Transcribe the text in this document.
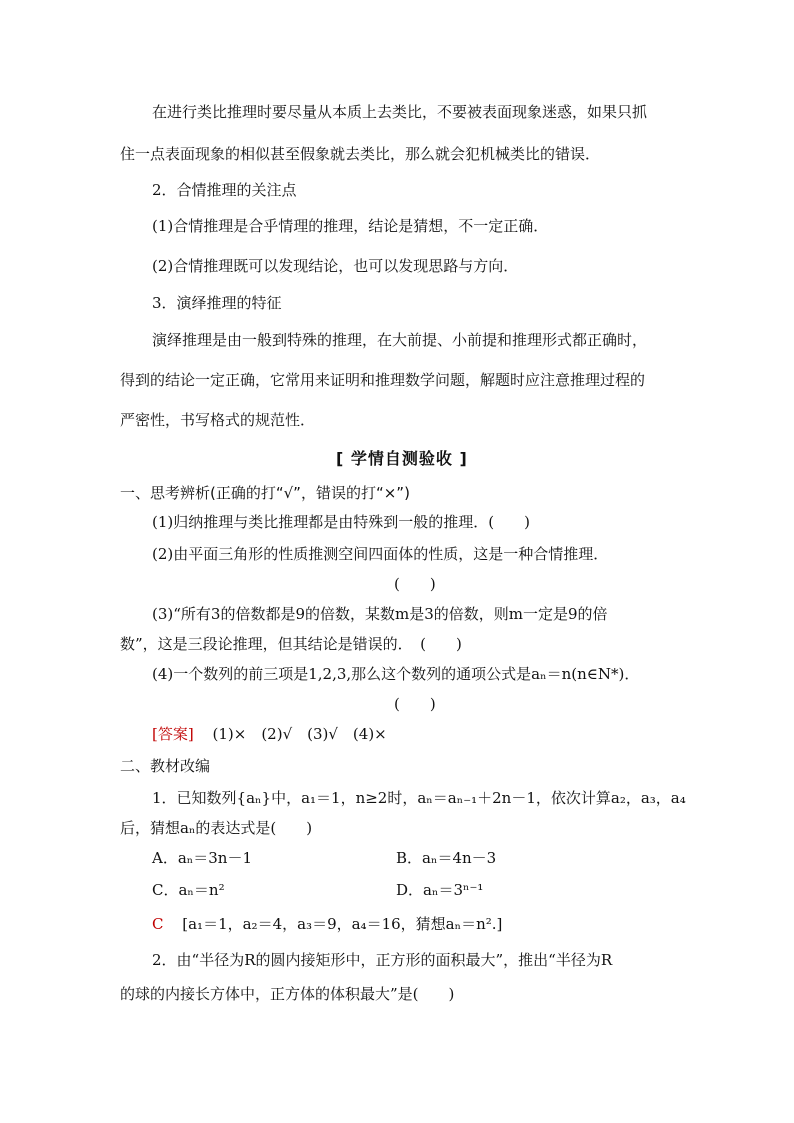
在进行类比推理时要尽量从本质上去类比，不要被表面现象迷惑，如果只抓
住一点表面现象的相似甚至假象就去类比，那么就会犯机械类比的错误．
2．合情推理的关注点
(1)合情推理是合乎情理的推理，结论是猜想，不一定正确．
(2)合情推理既可以发现结论，也可以发现思路与方向．
3．演绎推理的特征
演绎推理是由一般到特殊的推理，在大前提、小前提和推理形式都正确时，
得到的结论一定正确，它常用来证明和推理数学问题，解题时应注意推理过程的
严密性，书写格式的规范性．
[ 学情自测验收 ]
一、思考辨析(正确的打“√”，错误的打“×”)
(1)归纳推理与类比推理都是由特殊到一般的推理．(　　)
(2)由平面三角形的性质推测空间四面体的性质，这是一种合情推理．
(　　)
(3)“所有3的倍数都是9的倍数，某数m是3的倍数，则m一定是9的倍
数”，这是三段论推理，但其结论是错误的．　(　　)
(4)一个数列的前三项是1,2,3,那么这个数列的通项公式是aₙ＝n(n∈N*)．
(　　)
[答案] (1)×　(2)√　(3)√　(4)×
二、教材改编
1．已知数列{aₙ}中，a₁＝1，n≥2时，aₙ＝aₙ₋₁＋2n－1，依次计算a₂，a₃，a₄
后，猜想aₙ的表达式是(　　)
A．aₙ＝3n－1	B．aₙ＝4n－3
C．aₙ＝n²	D．aₙ＝3ⁿ⁻¹
C [a₁＝1，a₂＝4，a₃＝9，a₄＝16，猜想aₙ＝n².]
2．由“半径为R的圆内接矩形中，正方形的面积最大”，推出“半径为R
的球的内接长方体中，正方体的体积最大”是(　　)
